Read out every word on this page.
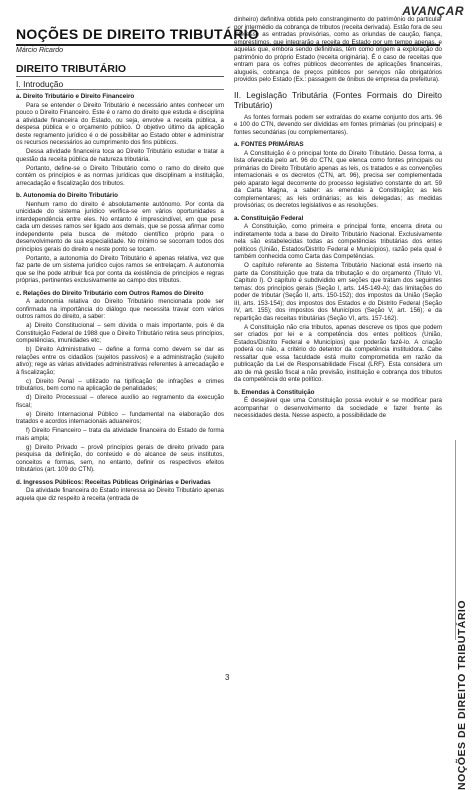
AVANÇAR
NOÇÕES DE DIREITO TRIBUTÁRIO
Márcio Ricardo
DIREITO TRIBUTÁRIO
I. Introdução
a. Direito Tributário e Direito Financeiro

Para se entender o Direito Tributário é necessário antes conhecer um pouco o Direito Financeiro. Este é o ramo do direito que estuda e disciplina a atividade financeira do Estado, ou seja, envolve a receita pública, a despesa pública e o orçamento público. O objetivo último da aplicação deste regramento jurídico é o de possibilitar ao Estado obter e administrar os recursos necessários ao cumprimento dos fins públicos.

Dessa atividade financeira toca ao Direito Tributário estudar e tratar a questão da receita pública de natureza tributária.

Portanto, define-se o Direito Tributário como o ramo do direito que contém os princípios e as normas jurídicas que disciplinam a instituição, arrecadação e fiscalização dos tributos.

b. Autonomia do Direito Tributário

Nenhum ramo do direito é absolutamente autônomo. Por conta da unicidade do sistema jurídico verifica-se em vários oportunidades a interdependência entre eles. No entanto é imprescindível, em que pese cada um desses ramos ser ligado aos demais, que se possa afirmar como independente pela busca de método científico próprio para o desenvolvimento de sua especialidade. No mínimo se socorram todos dos princípios gerais do direito e neste ponto se tocam.

Portanto, a autonomia do Direito Tributário é apenas relativa, vez que faz parte de um sistema jurídico cujos ramos se entrelaçam. A autonomia que se lhe pode atribuir fica por conta da existência de princípios e regras próprias, pertinentes exclusivamente ao campo dos tributos.

c. Relações do Direito Tributário com Outros Ramos do Direito

A autonomia relativa do Direito Tributário mencionada pode ser confirmada na importância do diálogo que necessita travar com vários outros ramos do direito, a saber:

a) Direito Constitucional – sem dúvida o mais importante, pois é da Constituição Federal de 1988 que o Direito Tributário retira seus princípios, competências, imunidades etc;

b) Direito Administrativo – define a forma como devem se dar as relações entre os cidadãos (sujeitos passivos) e a administração (sujeito ativo); rege as várias atividades administrativas referentes à arrecadação e à fiscalização;

c) Direito Penal – utilizado na tipificação de infrações e crimes tributários, bem como na aplicação de penalidades;

d) Direito Processual – oferece auxílio ao regramento da execução fiscal;

e) Direito Internacional Público – fundamental na elaboração dos tratados e acordos internacionais aduaneiros;

f) Direito Financeiro – trata da atividade financeira do Estado de forma mais ampla;

g) Direito Privado – provê princípios gerais de direito privado para pesquisa da definição, do conteúdo e do alcance de seus institutos, conceitos e formas, sem, no entanto, definir os respectivos efeitos tributários (art. 109 do CTN).

d. Ingressos Públicos: Receitas Públicas Originárias e Derivadas

Da atividade financeira do Estado interessa ao Direito Tributário apenas aquela que diz respeito à receita (entrada de

dinheiro) definitiva obtida pelo constrangimento do patrimônio do particular por intermédio da cobrança de tributos (receita derivada). Estão fora de seu interesse as entradas provisórias, como as oriundas de caução, fiança, empréstimos, que integrarão a receita do Estado por um tempo apenas, e aquelas que, embora sendo definitivas, têm como origem a exploração do patrimônio do próprio Estado (receita originária). É o caso de receitas que entram para os cofres públicos decorrentes de aplicações financeiras, aluguéis, cobrança de preços públicos por serviços não obrigatórios providos pelo Estado (Ex.: passagem de ônibus de empresa da prefeitura).

II. Legislação Tributária (Fontes Formais do Direito Tributário)

As fontes formais podem ser extraídas do exame conjunto dos arts. 96 e 100 do CTN, devendo ser divididas em fontes primárias (ou principais) e fontes secundárias (ou complementares).

a. FONTES PRIMÁRIAS

A Constituição é o principal fonte do Direito Tributário. Dessa forma, a lista oferecida pelo art. 96 do CTN, que elenca como fontes principais ou primárias do Direito Tributário apenas as leis, os tratados e as convenções internacionais e os decretos (CTN, art. 96), precisa ser complementada pelo aparato legal decorrente do processo legislativo constante do art. 59 da Carta Magna, a saber: as emendas à Constituição; as leis complementares; as leis ordinárias; as leis delegadas; as medidas provisórias; os decretos legislativos e as resoluções.

a. Constituição Federal

A Constituição, como primeira e principal fonte, encerra direta ou indiretamente toda a base do Direito Tributário Nacional. Exclusivamente nela são estabelecidas todas as competências tributárias dos entes políticos (União, Estados/Distrito Federal e Municípios), razão pela qual é também conhecida como Carta das Competências.

O capítulo referente ao Sistema Tributário Nacional está inserto na parte da Constituição que trata da tributação e do orçamento (Título VI, Capítulo I). O capítulo é subdividido em seções que tratam dos seguintes temas: dos princípios gerais (Seção I, arts. 145-149-A); das limitações do poder de tributar (Seção II, arts. 150-152); dos impostos da União (Seção III, arts. 153-154); dos impostos dos Estados e do Distrito Federal (Seção IV, art. 155); dos impostos dos Municípios (Seção V, art. 156); e da repartição das receitas tributárias (Seção VI, arts. 157-162).

A Constituição não cria tributos, apenas descreve os tipos que podem ser criados por lei e a competência dos entes políticos (União, Estados/Distrito Federal e Municípios) que poderão fazê-lo. A criação poderá ou não, a critério do detentor da competência instituidora. Cabe ressaltar que essa faculdade está muito comprometida em razão da publicação da Lei de Responsabilidade Fiscal (LRF). Esta considera um ato de má gestão fiscal a não previsão, instituição e cobrança dos tributos da competência do ente político.

b. Emendas à Constituição

É desejável que uma Constituição possa evoluir e se modificar para acompanhar o desenvolvimento da sociedade e fazer frente às necessidades desta. Nesse aspecto, a possibilidade de

NOÇÕES DE DIREITO TRIBUTÁRIO
3
